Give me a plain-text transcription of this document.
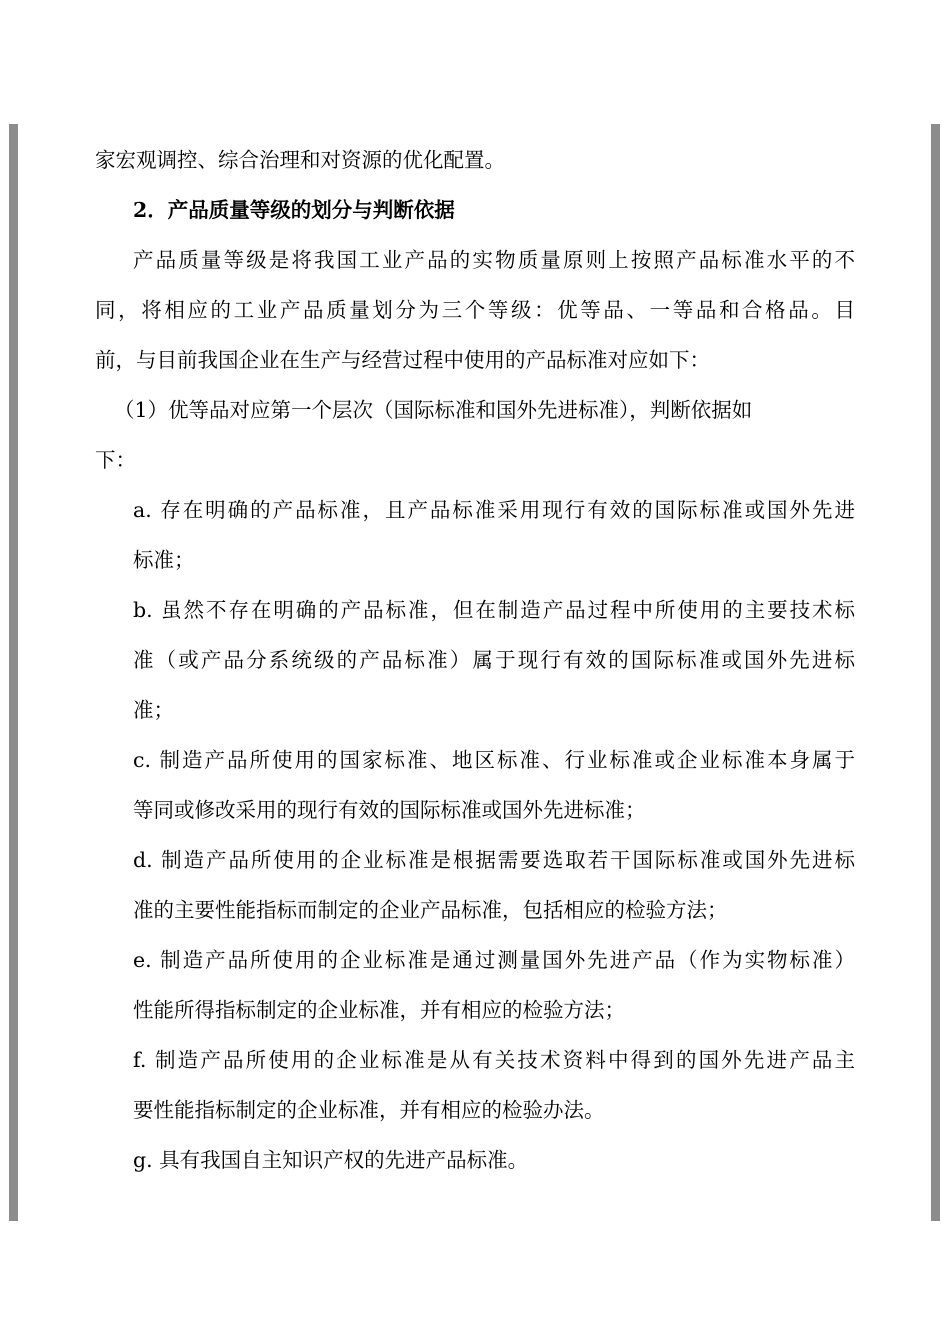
家宏观调控、综合治理和对资源的优化配置。
2．产品质量等级的划分与判断依据
产品质量等级是将我国工业产品的实物质量原则上按照产品标准水平的不
同，将相应的工业产品质量划分为三个等级：优等品、一等品和合格品。目
前，与目前我国企业在生产与经营过程中使用的产品标准对应如下：
（1）优等品对应第一个层次（国际标准和国外先进标准），判断依据如
下：
a. 存在明确的产品标准，且产品标准采用现行有效的国际标准或国外先进
标准；
b. 虽然不存在明确的产品标准，但在制造产品过程中所使用的主要技术标
准（或产品分系统级的产品标准）属于现行有效的国际标准或国外先进标
准；
c. 制造产品所使用的国家标准、地区标准、行业标准或企业标准本身属于
等同或修改采用的现行有效的国际标准或国外先进标准；
d. 制造产品所使用的企业标准是根据需要选取若干国际标准或国外先进标
准的主要性能指标而制定的企业产品标准，包括相应的检验方法；
e. 制造产品所使用的企业标准是通过测量国外先进产品（作为实物标准）
性能所得指标制定的企业标准，并有相应的检验方法；
f. 制造产品所使用的企业标准是从有关技术资料中得到的国外先进产品主
要性能指标制定的企业标准，并有相应的检验办法。
g. 具有我国自主知识产权的先进产品标准。
